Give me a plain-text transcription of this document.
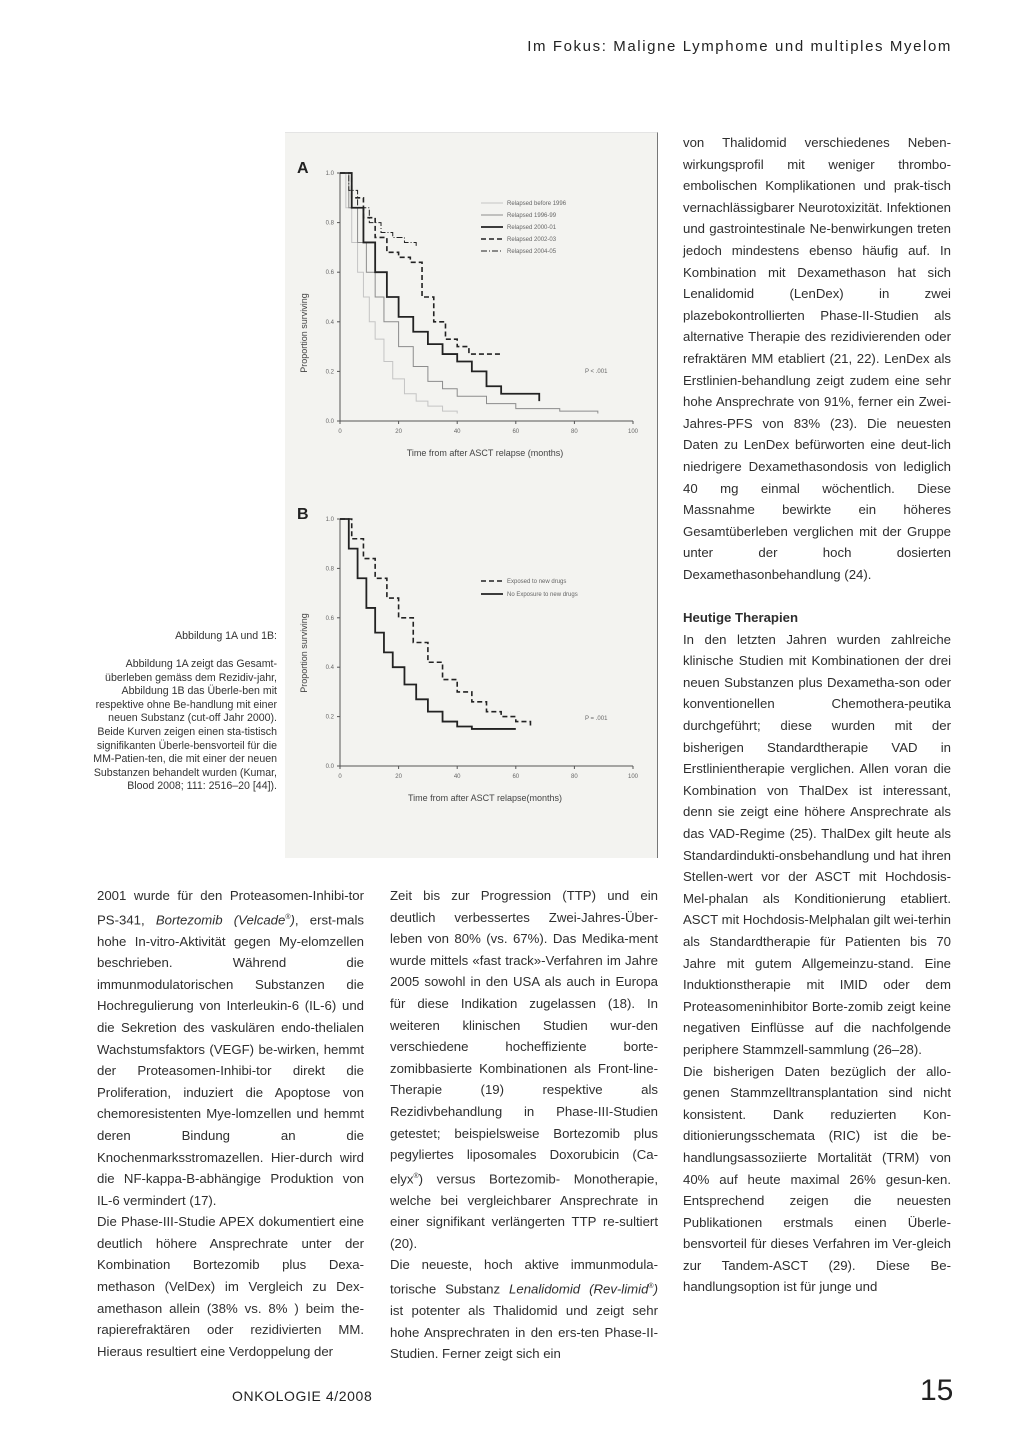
Im Fokus: Maligne Lymphome und multiples Myelom
A
Proportion surviving
Time from after ASCT relapse (months)
P < .001
0	20	40	60	80	100
0.0
0.2
0.4
0.6
0.8
1.0
Relapsed before 1996
Relapsed 1996-99
Relapsed 2000-01
Relapsed 2002-03
Relapsed 2004-05
B
Proportion surviving
Time from after ASCT relapse(months)
P = .001
0	20	40	60	80	100
0.0
0.2
0.4
0.6
0.8
1.0
Exposed to new drugs
No Exposure to new drugs
Abbildung 1A und 1B:
Abbildung 1A zeigt das Gesamt-überleben gemäss dem Rezidiv-jahr, Abbildung 1B das Überle-ben mit respektive ohne Be-handlung mit einer neuen Substanz (cut-off Jahr 2000). Beide Kurven zeigen einen sta-tistisch signifikanten Überle-bensvorteil für die MM-Patien-ten, die mit einer der neuen Substanzen behandelt wurden (Kumar, Blood 2008; 111: 2516–20 [44]).

2001 wurde für den Proteasomen-Inhibi-tor PS-341, Bortezomib (Velcade®), erst-mals hohe In-vitro-Aktivität gegen My-elomzellen beschrieben. Während die immunmodulatorischen Substanzen die Hochregulierung von Interleukin-6 (IL-6) und die Sekretion des vaskulären endo-thelialen Wachstumsfaktors (VEGF) be-wirken, hemmt der Proteasomen-Inhibi-tor direkt die Proliferation, induziert die Apoptose von chemoresistenten Mye-lomzellen und hemmt deren Bindung an die Knochenmarksstromazellen. Hier-durch wird die NF-kappa-B-abhängige Produktion von IL-6 vermindert (17).

Die Phase-III-Studie APEX dokumentiert eine deutlich höhere Ansprechrate unter der Kombination Bortezomib plus Dexa-methason (VelDex) im Vergleich zu Dex-amethason allein (38% vs. 8% ) beim the-rapierefraktären oder rezidivierten MM. Hieraus resultiert eine Verdoppelung der

Zeit bis zur Progression (TTP) und ein deutlich verbessertes Zwei-Jahres-Über-leben von 80% (vs. 67%). Das Medika-ment wurde mittels «fast track»-Verfahren im Jahre 2005 sowohl in den USA als auch in Europa für diese Indikation zugelassen (18). In weiteren klinischen Studien wur-den verschiedene hocheffiziente borte-zomibbasierte Kombinationen als Front-line-Therapie (19) respektive als Rezidivbehandlung in Phase-III-Studien getestet; beispielsweise Bortezomib plus pegyliertes liposomales Doxorubicin (Ca-elyx®) versus Bortezomib- Monotherapie, welche bei vergleichbarer Ansprechrate in einer signifikant verlängerten TTP re-sultiert (20).

Die neueste, hoch aktive immunmodula-torische Substanz Lenalidomid (Rev-limid®) ist potenter als Thalidomid und zeigt sehr hohe Ansprechraten in den ers-ten Phase-II-Studien. Ferner zeigt sich ein

von Thalidomid verschiedenes Neben-wirkungsprofil mit weniger thrombo-embolischen Komplikationen und prak-tisch vernachlässigbarer Neurotoxizität. Infektionen und gastrointestinale Ne-benwirkungen treten jedoch mindestens ebenso häufig auf. In Kombination mit Dexamethason hat sich Lenalidomid (LenDex) in zwei plazebokontrollierten Phase-II-Studien als alternative Therapie des rezidivierenden oder refraktären MM etabliert (21, 22). LenDex als Erstlinien-behandlung zeigt zudem eine sehr hohe Ansprechrate von 91%, ferner ein Zwei-Jahres-PFS von 83% (23). Die neuesten Daten zu LenDex befürworten eine deut-lich niedrigere Dexamethasondosis von lediglich 40 mg einmal wöchentlich. Diese Massnahme bewirkte ein höheres Gesamtüberleben verglichen mit der Gruppe unter der hoch dosierten Dexamethasonbehandlung (24).

Heutige Therapien

In den letzten Jahren wurden zahlreiche klinische Studien mit Kombinationen der drei neuen Substanzen plus Dexametha-son oder konventionellen Chemothera-peutika durchgeführt; diese wurden mit der bisherigen Standardtherapie VAD in Erstlinientherapie verglichen. Allen voran die Kombination von ThalDex ist interessant, denn sie zeigt eine höhere Ansprechrate als das VAD-Regime (25). ThalDex gilt heute als Standardindukti-onsbehandlung und hat ihren Stellen-wert vor der ASCT mit Hochdosis-Mel-phalan als Konditionierung etabliert. ASCT mit Hochdosis-Melphalan gilt wei-terhin als Standardtherapie für Patienten bis 70 Jahre mit gutem Allgemeinzu-stand. Eine Induktionstherapie mit IMID oder dem Proteasomeninhibitor Borte-zomib zeigt keine negativen Einflüsse auf die nachfolgende periphere Stammzell-sammlung (26–28).

Die bisherigen Daten bezüglich der allo-genen Stammzelltransplantation sind nicht konsistent. Dank reduzierten Kon-ditionierungsschemata (RIC) ist die be-handlungsassoziierte Mortalität (TRM) von 40% auf heute maximal 26% gesun-ken. Entsprechend zeigen die neuesten Publikationen erstmals einen Überle-bensvorteil für dieses Verfahren im Ver-gleich zur Tandem-ASCT (29). Diese Be-handlungsoption ist für junge und

ONKOLOGIE 4/2008	15
